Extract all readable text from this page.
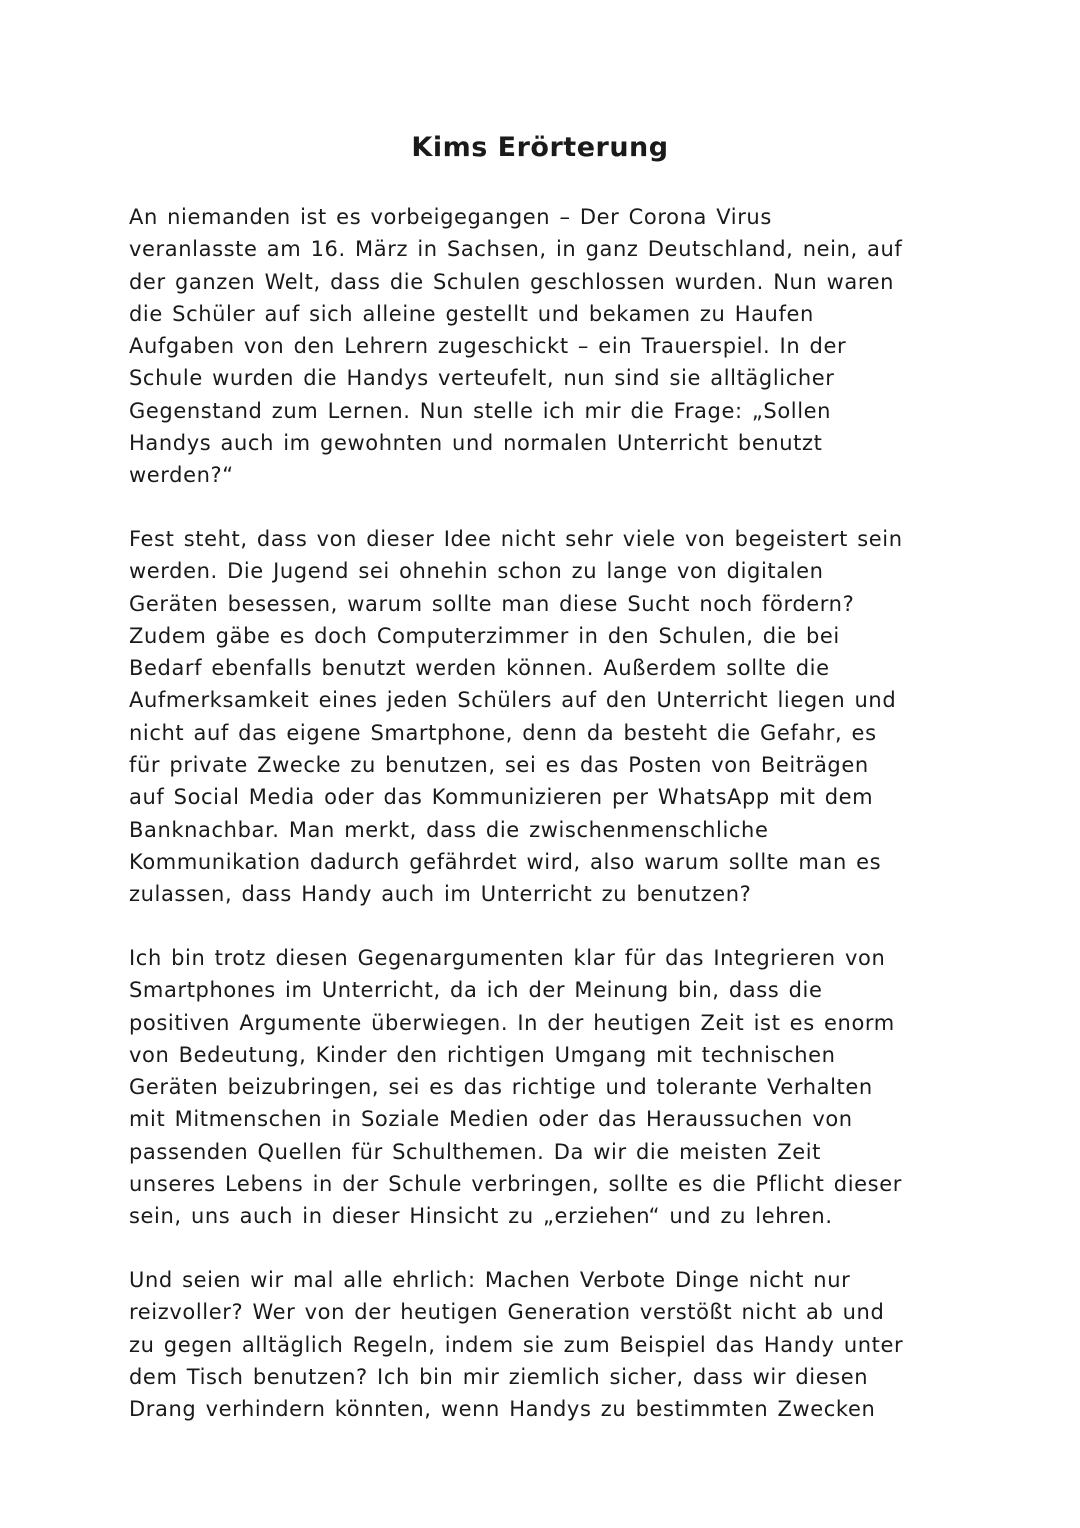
Kims Erörterung

An niemanden ist es vorbeigegangen – Der Corona Virus
veranlasste am 16. März in Sachsen, in ganz Deutschland, nein, auf
der ganzen Welt, dass die Schulen geschlossen wurden. Nun waren
die Schüler auf sich alleine gestellt und bekamen zu Haufen
Aufgaben von den Lehrern zugeschickt – ein Trauerspiel. In der
Schule wurden die Handys verteufelt, nun sind sie alltäglicher
Gegenstand zum Lernen. Nun stelle ich mir die Frage: „Sollen
Handys auch im gewohnten und normalen Unterricht benutzt
werden?“

Fest steht, dass von dieser Idee nicht sehr viele von begeistert sein
werden. Die Jugend sei ohnehin schon zu lange von digitalen
Geräten besessen, warum sollte man diese Sucht noch fördern?
Zudem gäbe es doch Computerzimmer in den Schulen, die bei
Bedarf ebenfalls benutzt werden können. Außerdem sollte die
Aufmerksamkeit eines jeden Schülers auf den Unterricht liegen und
nicht auf das eigene Smartphone, denn da besteht die Gefahr, es
für private Zwecke zu benutzen, sei es das Posten von Beiträgen
auf Social Media oder das Kommunizieren per WhatsApp mit dem
Banknachbar. Man merkt, dass die zwischenmenschliche
Kommunikation dadurch gefährdet wird, also warum sollte man es
zulassen, dass Handy auch im Unterricht zu benutzen?

Ich bin trotz diesen Gegenargumenten klar für das Integrieren von
Smartphones im Unterricht, da ich der Meinung bin, dass die
positiven Argumente überwiegen. In der heutigen Zeit ist es enorm
von Bedeutung, Kinder den richtigen Umgang mit technischen
Geräten beizubringen, sei es das richtige und tolerante Verhalten
mit Mitmenschen in Soziale Medien oder das Heraussuchen von
passenden Quellen für Schulthemen. Da wir die meisten Zeit
unseres Lebens in der Schule verbringen, sollte es die Pflicht dieser
sein, uns auch in dieser Hinsicht zu „erziehen“ und zu lehren.

Und seien wir mal alle ehrlich: Machen Verbote Dinge nicht nur
reizvoller? Wer von der heutigen Generation verstößt nicht ab und
zu gegen alltäglich Regeln, indem sie zum Beispiel das Handy unter
dem Tisch benutzen? Ich bin mir ziemlich sicher, dass wir diesen
Drang verhindern könnten, wenn Handys zu bestimmten Zwecken
